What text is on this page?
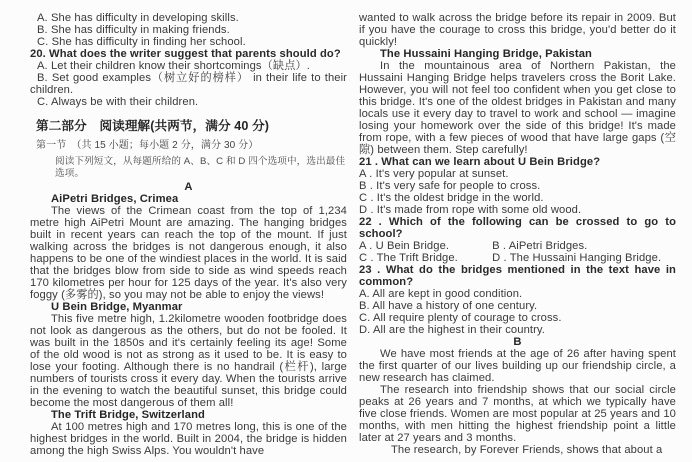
A. She has difficulty in developing skills.
B. She has difficulty in making friends.
C. She has difficulty in finding her school.
20. What does the writer suggest that parents should do?
A. Let their children know their shortcomings（缺点）.
B. Set good examples（树立好的榜样） in their life to their children.
C. Always be with their children.
第二部分　阅读理解(共两节，满分 40 分)
第一节　（共 15 小题；每小题 2 分，满分 30 分）
阅读下列短文，从每题所给的 A、B、C 和 D 四个选项中，选出最佳选项。
A
AiPetri Bridges, Crimea
The views of the Crimean coast from the top of 1,234 metre high AiPetri Mount are amazing. The hanging bridges built in recent years can reach the top of the mount. If just walking across the bridges is not dangerous enough, it also happens to be one of the windiest places in the world. It is said that the bridges blow from side to side as wind speeds reach 170 kilometres per hour for 125 days of the year. It's also very foggy (多雾的), so you may not be able to enjoy the views!
U Bein Bridge, Myanmar
This five metre high, 1.2kilometre wooden footbridge does not look as dangerous as the others, but do not be fooled. It was built in the 1850s and it's certainly feeling its age! Some of the old wood is not as strong as it used to be. It is easy to lose your footing. Although there is no handrail (栏杆), large numbers of tourists cross it every day. When the tourists arrive in the evening to watch the beautiful sunset, this bridge could become the most dangerous of them all!
The Trift Bridge, Switzerland
At 100 metres high and 170 metres long, this is one of the highest bridges in the world. Built in 2004, the bridge is hidden among the high Swiss Alps. You wouldn't have
wanted to walk across the bridge before its repair in 2009. But if you have the courage to cross this bridge, you'd better do it quickly!
The Hussaini Hanging Bridge, Pakistan
In the mountainous area of Northern Pakistan, the Hussaini Hanging Bridge helps travelers cross the Borit Lake. However, you will not feel too confident when you get close to this bridge. It's one of the oldest bridges in Pakistan and many locals use it every day to travel to work and school — imagine losing your homework over the side of this bridge! It's made from rope, with a few pieces of wood that have large gaps (空隙) between them. Step carefully!
21 . What can we learn about U Bein Bridge?
A . It's very popular at sunset.
B . It's very safe for people to cross.
C . It's the oldest bridge in the world.
D . It's made from rope with some old wood.
22 . Which of the following can be crossed to go to school?
A . U Bein Bridge.	B . AiPetri Bridges.
C . The Trift Bridge.	D . The Hussaini Hanging Bridge.
23 . What do the bridges mentioned in the text have in common?
A. All are kept in good condition.
B. All have a history of one century.
C. All require plenty of courage to cross.
D. All are the highest in their country.
B
We have most friends at the age of 26 after having spent the first quarter of our lives building up our friendship circle, a new research has claimed.
The research into friendship shows that our social circle peaks at 26 years and 7 months, at which we typically have five close friends. Women are most popular at 25 years and 10 months, with men hitting the highest friendship point a little later at 27 years and 3 months.
The research, by Forever Friends, shows that about a
